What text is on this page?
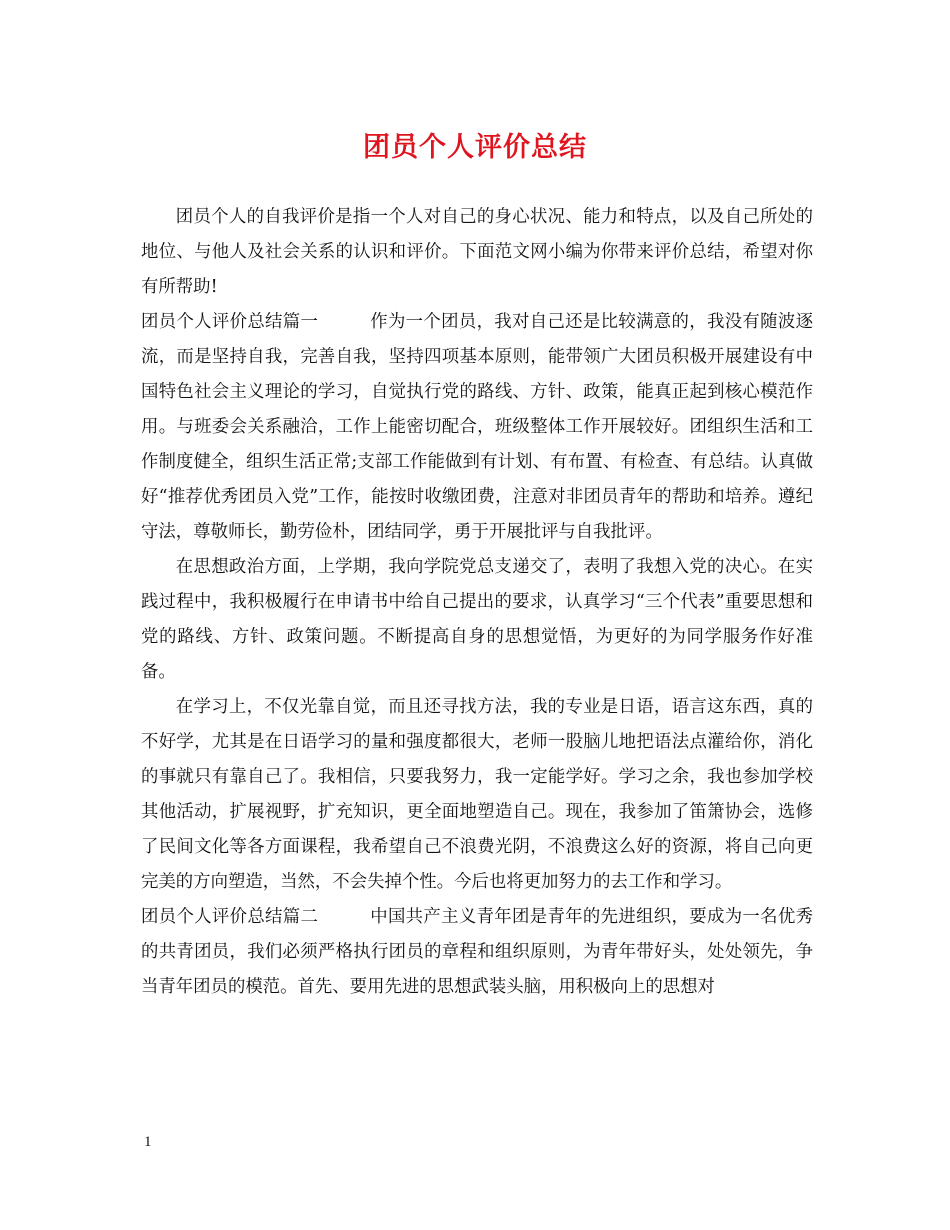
团员个人评价总结

团员个人的自我评价是指一个人对自己的身心状况、能力和特点，以及自己所处的地位、与他人及社会关系的认识和评价。下面范文网小编为你带来评价总结，希望对你有所帮助!

团员个人评价总结篇一	作为一个团员，我对自己还是比较满意的，我没有随波逐流，而是坚持自我，完善自我，坚持四项基本原则，能带领广大团员积极开展建设有中国特色社会主义理论的学习，自觉执行党的路线、方针、政策，能真正起到核心模范作用。与班委会关系融洽，工作上能密切配合，班级整体工作开展较好。团组织生活和工作制度健全，组织生活正常;支部工作能做到有计划、有布置、有检查、有总结。认真做好“推荐优秀团员入党”工作，能按时收缴团费，注意对非团员青年的帮助和培养。遵纪守法，尊敬师长，勤劳俭朴，团结同学，勇于开展批评与自我批评。

在思想政治方面，上学期，我向学院党总支递交了，表明了我想入党的决心。在实践过程中，我积极履行在申请书中给自己提出的要求，认真学习“三个代表”重要思想和党的路线、方针、政策问题。不断提高自身的思想觉悟，为更好的为同学服务作好准备。

在学习上，不仅光靠自觉，而且还寻找方法，我的专业是日语，语言这东西，真的不好学，尤其是在日语学习的量和强度都很大，老师一股脑儿地把语法点灌给你，消化的事就只有靠自己了。我相信，只要我努力，我一定能学好。学习之余，我也参加学校其他活动，扩展视野，扩充知识，更全面地塑造自己。现在，我参加了笛箫协会，选修了民间文化等各方面课程，我希望自己不浪费光阴，不浪费这么好的资源，将自己向更完美的方向塑造，当然，不会失掉个性。今后也将更加努力的去工作和学习。

团员个人评价总结篇二	中国共产主义青年团是青年的先进组织，要成为一名优秀的共青团员，我们必须严格执行团员的章程和组织原则，为青年带好头，处处领先，争当青年团员的模范。首先、要用先进的思想武装头脑，用积极向上的思想对

1
